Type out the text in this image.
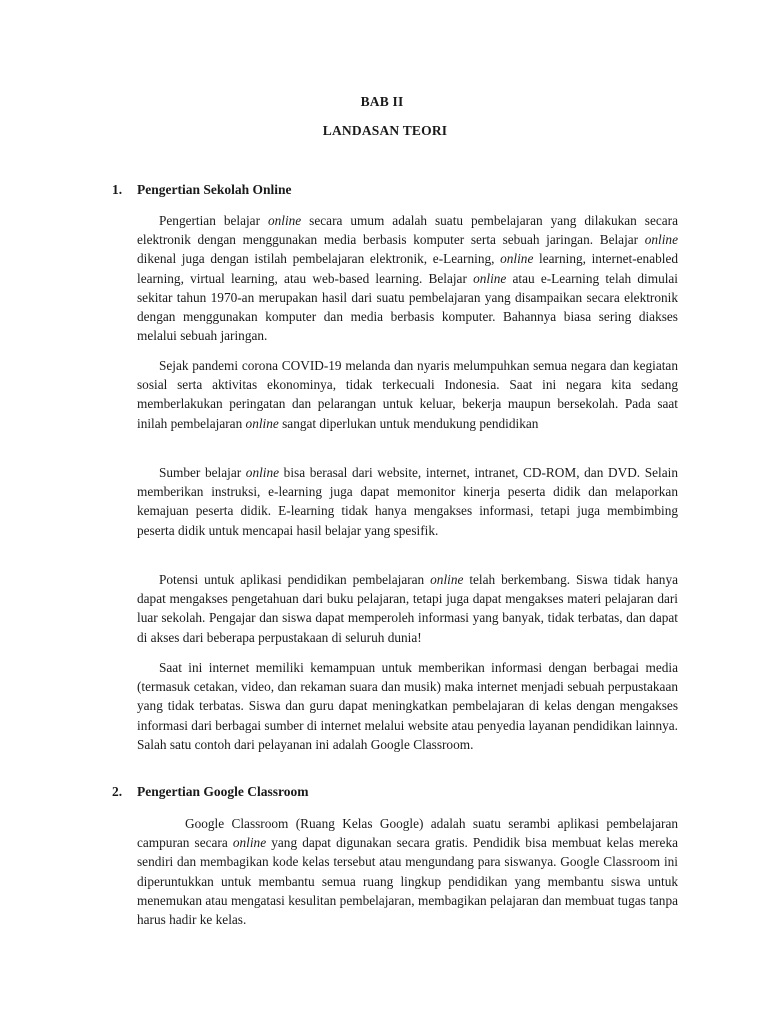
BAB II
LANDASAN TEORI
1. Pengertian Sekolah Online

Pengertian belajar online secara umum adalah suatu pembelajaran yang dilakukan secara elektronik dengan menggunakan media berbasis komputer serta sebuah jaringan. Belajar online dikenal juga dengan istilah pembelajaran elektronik, e-Learning, online learning, internet-enabled learning, virtual learning, atau web-based learning. Belajar online atau e-Learning telah dimulai sekitar tahun 1970-an merupakan hasil dari suatu pembelajaran yang disampaikan secara elektronik dengan menggunakan komputer dan media berbasis komputer. Bahannya biasa sering diakses melalui sebuah jaringan.

Sejak pandemi corona COVID-19 melanda dan nyaris melumpuhkan semua negara dan kegiatan sosial serta aktivitas ekonominya, tidak terkecuali Indonesia. Saat ini negara kita sedang memberlakukan peringatan dan pelarangan untuk keluar, bekerja maupun bersekolah. Pada saat inilah pembelajaran online sangat diperlukan untuk mendukung pendidikan

Sumber belajar online bisa berasal dari website, internet, intranet, CD-ROM, dan DVD. Selain memberikan instruksi, e-learning juga dapat memonitor kinerja peserta didik dan melaporkan kemajuan peserta didik. E-learning tidak hanya mengakses informasi, tetapi juga membimbing peserta didik untuk mencapai hasil belajar yang spesifik.

Potensi untuk aplikasi pendidikan pembelajaran online telah berkembang. Siswa tidak hanya dapat mengakses pengetahuan dari buku pelajaran, tetapi juga dapat mengakses materi pelajaran dari luar sekolah. Pengajar dan siswa dapat memperoleh informasi yang banyak, tidak terbatas, dan dapat di akses dari beberapa perpustakaan di seluruh dunia!

Saat ini internet memiliki kemampuan untuk memberikan informasi dengan berbagai media (termasuk cetakan, video, dan rekaman suara dan musik) maka internet menjadi sebuah perpustakaan yang tidak terbatas. Siswa dan guru dapat meningkatkan pembelajaran di kelas dengan mengakses informasi dari berbagai sumber di internet melalui website atau penyedia layanan pendidikan lainnya. Salah satu contoh dari pelayanan ini adalah Google Classroom.

2. Pengertian Google Classroom

Google Classroom (Ruang Kelas Google) adalah suatu serambi aplikasi pembelajaran campuran secara online yang dapat digunakan secara gratis. Pendidik bisa membuat kelas mereka sendiri dan membagikan kode kelas tersebut atau mengundang para siswanya. Google Classroom ini diperuntukkan untuk membantu semua ruang lingkup pendidikan yang membantu siswa untuk menemukan atau mengatasi kesulitan pembelajaran, membagikan pelajaran dan membuat tugas tanpa harus hadir ke kelas.
